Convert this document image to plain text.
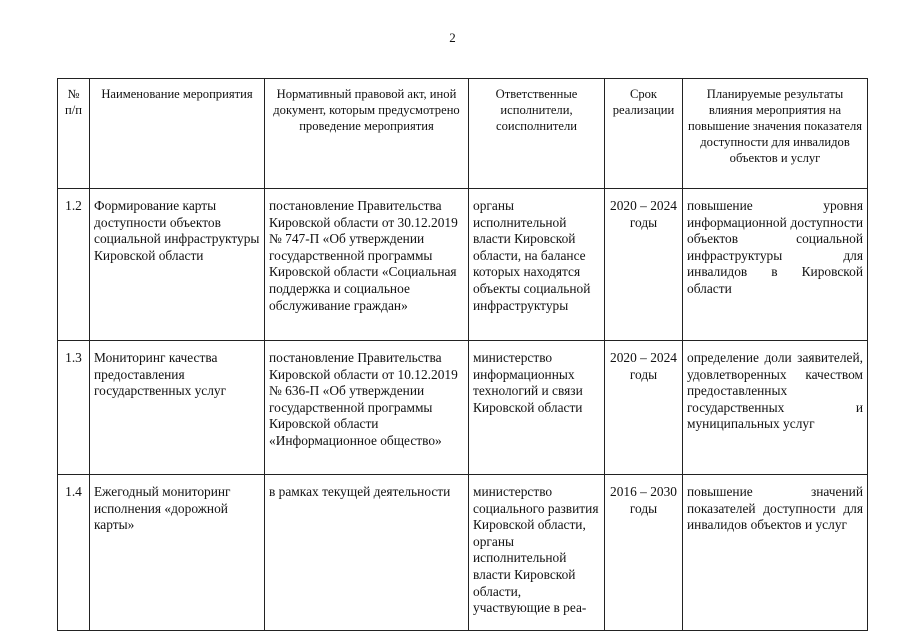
2
№ п/п	Наименование мероприятия	Нормативный правовой акт, иной документ, которым предусмотрено проведение мероприятия	Ответственные исполнители, соисполнители	Срок реализации	Планируемые результаты влияния мероприятия на повышение значения показателя доступности для инвалидов объектов и услуг
1.2	Формирование карты доступности объектов социальной инфраструктуры Кировской области	постановление Правительства Кировской области от 30.12.2019 № 747-П «Об утверждении государственной программы Кировской области «Социальная поддержка и социальное обслуживание граждан»	органы исполнительной власти Кировской области, на балансе которых находятся объекты социальной инфраструктуры	2020 – 2024 годы	повышение уровня информационной доступности объектов социальной инфраструктуры для инвалидов в Кировской области
1.3	Мониторинг качества предоставления государственных услуг	постановление Правительства Кировской области от 10.12.2019 № 636-П «Об утверждении государственной программы Кировской области «Информационное общество»	министерство информационных технологий и связи Кировской области	2020 – 2024 годы	определение доли заявителей, удовлетворенных качеством предоставленных государственных и муниципальных услуг
1.4	Ежегодный мониторинг исполнения «дорожной карты»	в рамках текущей деятельности	министерство социального развития Кировской области, органы исполнительной власти Кировской области, участвующие в реа-	2016 – 2030 годы	повышение значений показателей доступности для инвалидов объектов и услуг
